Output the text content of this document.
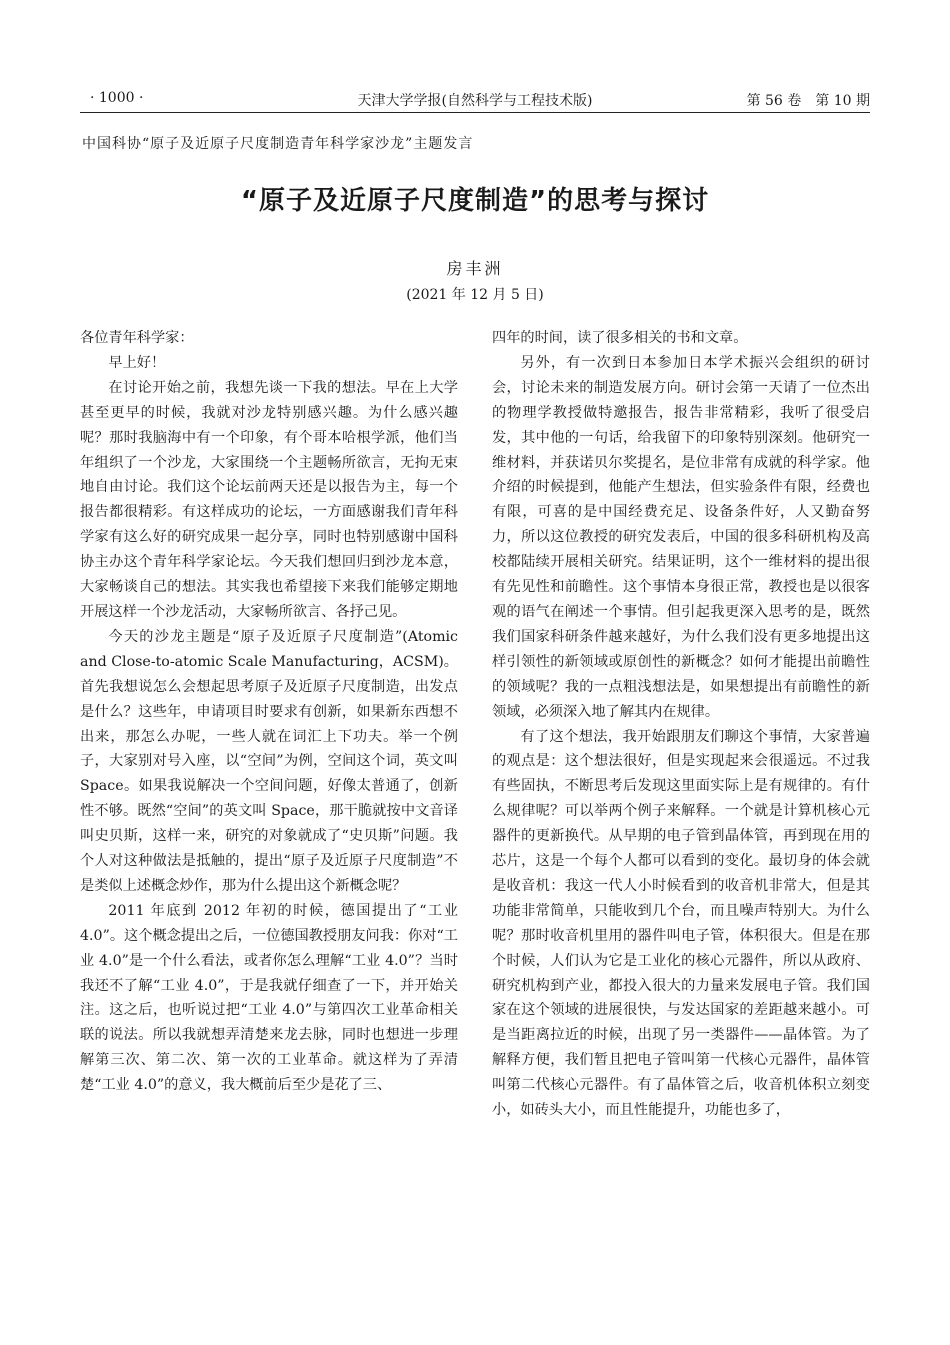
· 1000 ·	天津大学学报(自然科学与工程技术版)	第 56 卷　第 10 期
中国科协“原子及近原子尺度制造青年科学家沙龙”主题发言
“原子及近原子尺度制造”的思考与探讨
房丰洲
(2021 年 12 月 5 日)

各位青年科学家：

早上好！

在讨论开始之前，我想先谈一下我的想法。早在上大学甚至更早的时候，我就对沙龙特别感兴趣。为什么感兴趣呢？那时我脑海中有一个印象，有个哥本哈根学派，他们当年组织了一个沙龙，大家围绕一个主题畅所欲言，无拘无束地自由讨论。我们这个论坛前两天还是以报告为主，每一个报告都很精彩。有这样成功的论坛，一方面感谢我们青年科学家有这么好的研究成果一起分享，同时也特别感谢中国科协主办这个青年科学家论坛。今天我们想回归到沙龙本意，大家畅谈自己的想法。其实我也希望接下来我们能够定期地开展这样一个沙龙活动，大家畅所欲言、各抒己见。

今天的沙龙主题是“原子及近原子尺度制造”(Atomic and Close-to-atomic Scale Manufacturing，ACSM)。首先我想说怎么会想起思考原子及近原子尺度制造，出发点是什么？这些年，申请项目时要求有创新，如果新东西想不出来，那怎么办呢，一些人就在词汇上下功夫。举一个例子，大家别对号入座，以“空间”为例，空间这个词，英文叫 Space。如果我说解决一个空间问题，好像太普通了，创新性不够。既然“空间”的英文叫 Space，那干脆就按中文音译叫史贝斯，这样一来，研究的对象就成了“史贝斯”问题。我个人对这种做法是抵触的，提出“原子及近原子尺度制造”不是类似上述概念炒作，那为什么提出这个新概念呢？

2011 年底到 2012 年初的时候，德国提出了“工业 4.0”。这个概念提出之后，一位德国教授朋友问我：你对“工业 4.0”是一个什么看法，或者你怎么理解“工业 4.0”？当时我还不了解“工业 4.0”，于是我就仔细查了一下，并开始关注。这之后，也听说过把“工业 4.0”与第四次工业革命相关联的说法。所以我就想弄清楚来龙去脉，同时也想进一步理解第三次、第二次、第一次的工业革命。就这样为了弄清楚“工业 4.0”的意义，我大概前后至少是花了三、

四年的时间，读了很多相关的书和文章。

另外，有一次到日本参加日本学术振兴会组织的研讨会，讨论未来的制造发展方向。研讨会第一天请了一位杰出的物理学教授做特邀报告，报告非常精彩，我听了很受启发，其中他的一句话，给我留下的印象特别深刻。他研究一维材料，并获诺贝尔奖提名，是位非常有成就的科学家。他介绍的时候提到，他能产生想法，但实验条件有限，经费也有限，可喜的是中国经费充足、设备条件好，人又勤奋努力，所以这位教授的研究发表后，中国的很多科研机构及高校都陆续开展相关研究。结果证明，这个一维材料的提出很有先见性和前瞻性。这个事情本身很正常，教授也是以很客观的语气在阐述一个事情。但引起我更深入思考的是，既然我们国家科研条件越来越好，为什么我们没有更多地提出这样引领性的新领域或原创性的新概念？如何才能提出前瞻性的领域呢？我的一点粗浅想法是，如果想提出有前瞻性的新领域，必须深入地了解其内在规律。

有了这个想法，我开始跟朋友们聊这个事情，大家普遍的观点是：这个想法很好，但是实现起来会很遥远。不过我有些固执，不断思考后发现这里面实际上是有规律的。有什么规律呢？可以举两个例子来解释。一个就是计算机核心元器件的更新换代。从早期的电子管到晶体管，再到现在用的芯片，这是一个每个人都可以看到的变化。最切身的体会就是收音机：我这一代人小时候看到的收音机非常大，但是其功能非常简单，只能收到几个台，而且噪声特别大。为什么呢？那时收音机里用的器件叫电子管，体积很大。但是在那个时候，人们认为它是工业化的核心元器件，所以从政府、研究机构到产业，都投入很大的力量来发展电子管。我们国家在这个领域的进展很快，与发达国家的差距越来越小。可是当距离拉近的时候，出现了另一类器件——晶体管。为了解释方便，我们暂且把电子管叫第一代核心元器件，晶体管叫第二代核心元器件。有了晶体管之后，收音机体积立刻变小，如砖头大小，而且性能提升，功能也多了，
